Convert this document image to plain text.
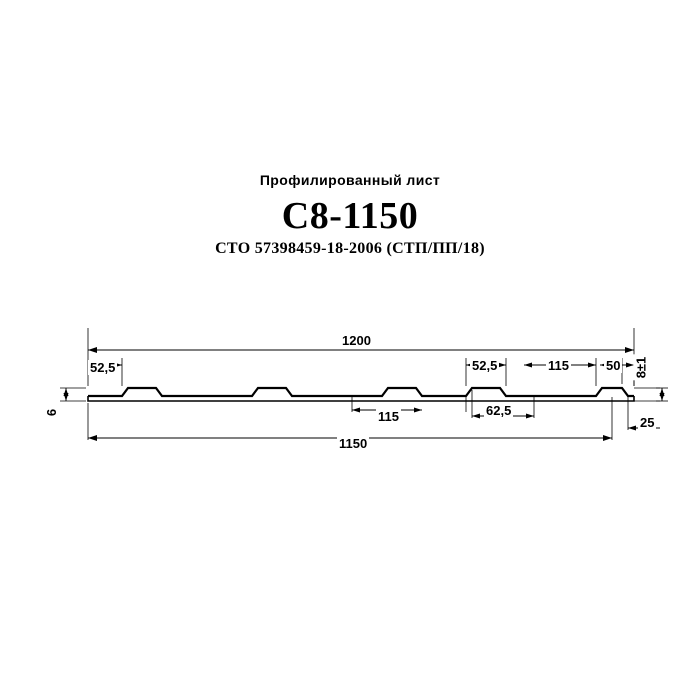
Профилированный лист
С8-1150
СТО 57398459-18-2006 (СТП/ПП/18)
1200
52,5	52,5	115	50 8±1
6	115	62,5
25
1150
